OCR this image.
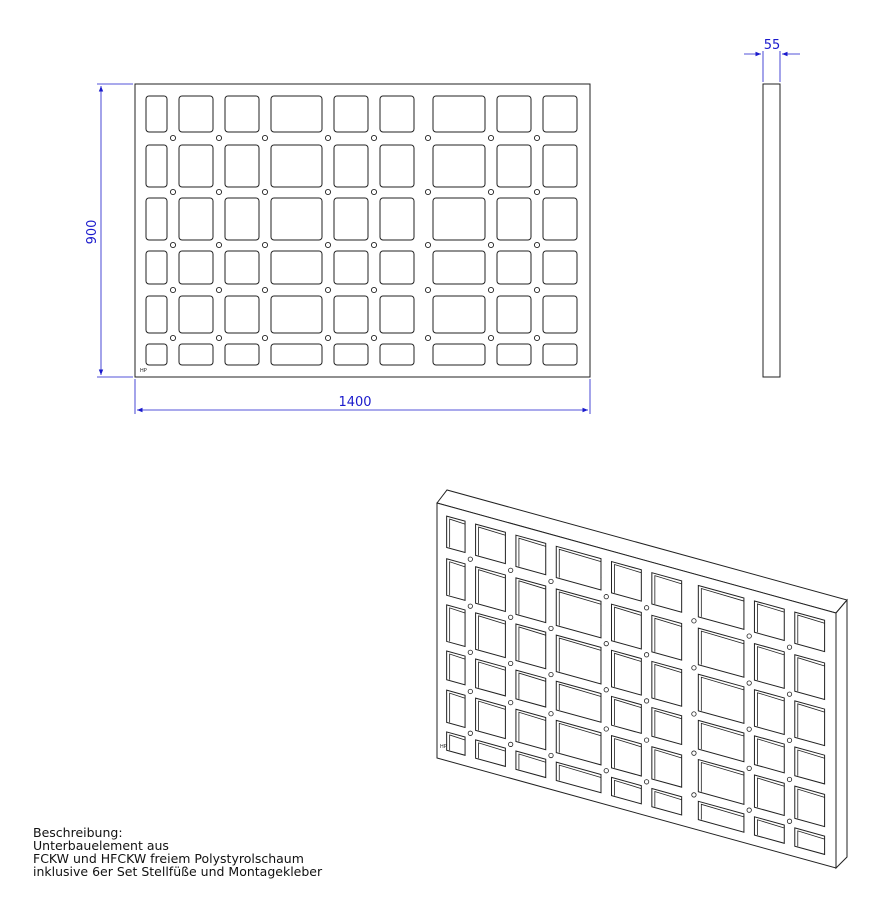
HP
900
1400
55
HP
Beschreibung:
Unterbauelement aus
FCKW und HFCKW freiem Polystyrolschaum
inklusive 6er Set Stellfüße und Montagekleber
